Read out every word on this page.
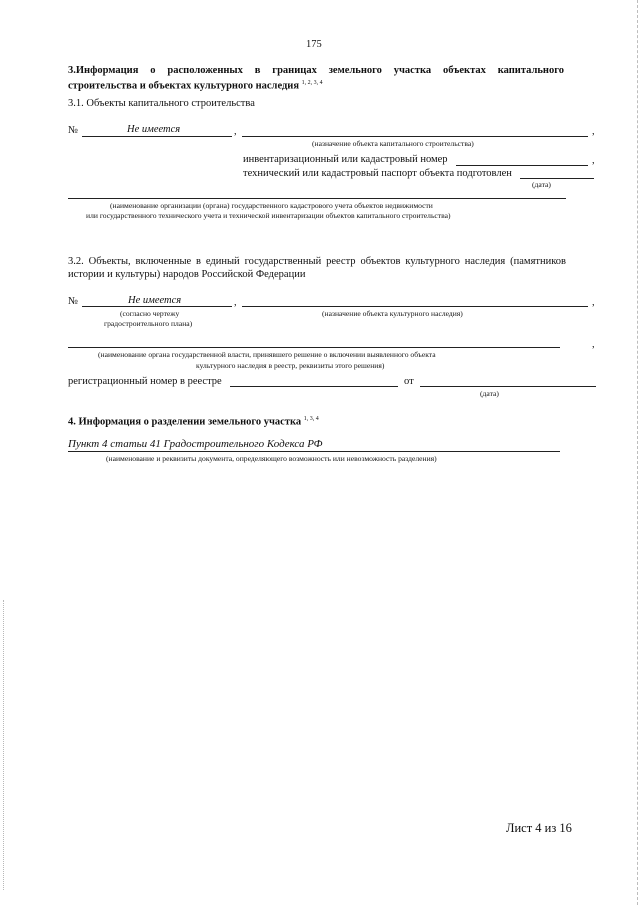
175
3.Информация о расположенных в границах земельного участка объектах капитального
строительства и объектах культурного наследия $^{1, 2, 3, 4}$
3.1. Объекты капитального строительства
№	Не имеется	,	,
(назначение объекта капитального строительства)
инвентаризационный или кадастровый номер	,
технический или кадастровый паспорт объекта подготовлен
(дата)
(наименование организации (органа) государственного кадастрового учета объектов недвижимости
или государственного технического учета и технической инвентаризации объектов капитального строительства)
3.2. Объекты, включенные в единый государственный реестр объектов культурного наследия (памятников
истории и культуры) народов Российской Федерации
№	Не имеется	,	,
(согласно чертежу
градостроительного плана)
(назначение объекта культурного наследия)
,
(наименование органа государственной власти, принявшего решение о включении выявленного объекта
культурного наследия в реестр, реквизиты этого решения)
регистрационный номер в реестре	от
(дата)
4. Информация о разделении земельного участка $^{1, 3, 4}$
Пункт 4 статьи 41 Градостроительного Кодекса РФ
(наименование и реквизиты документа, определяющего возможность или невозможность разделения)
Лист 4 из 16
